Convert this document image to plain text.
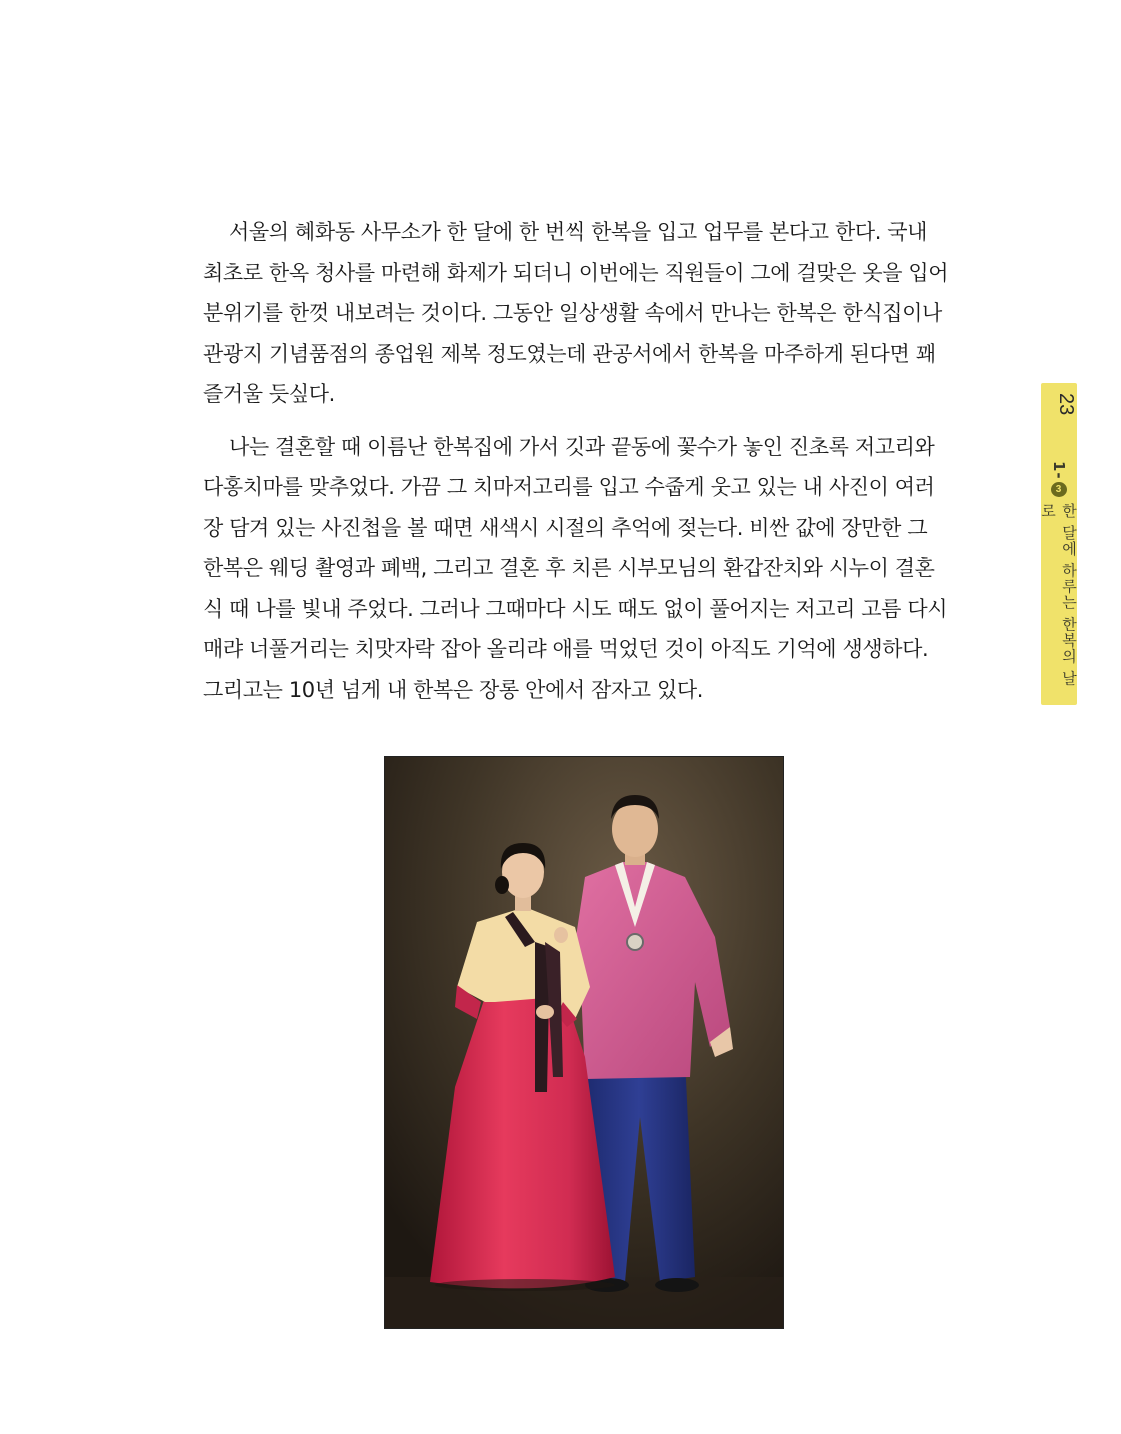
서울의 혜화동 사무소가 한 달에 한 번씩 한복을 입고 업무를 본다고 한다. 국내
최초로 한옥 청사를 마련해 화제가 되더니 이번에는 직원들이 그에 걸맞은 옷을 입어
분위기를 한껏 내보려는 것이다. 그동안 일상생활 속에서 만나는 한복은 한식집이나
관광지 기념품점의 종업원 제복 정도였는데 관공서에서 한복을 마주하게 된다면 꽤
즐거울 듯싶다.

나는 결혼할 때 이름난 한복집에 가서 깃과 끝동에 꽃수가 놓인 진초록 저고리와
다홍치마를 맞추었다. 가끔 그 치마저고리를 입고 수줍게 웃고 있는 내 사진이 여러
장 담겨 있는 사진첩을 볼 때면 새색시 시절의 추억에 젖는다. 비싼 값에 장만한 그
한복은 웨딩 촬영과 폐백, 그리고 결혼 후 치른 시부모님의 환갑잔치와 시누이 결혼
식 때 나를 빛내 주었다. 그러나 그때마다 시도 때도 없이 풀어지는 저고리 고름 다시
매랴 너풀거리는 치맛자락 잡아 올리랴 애를 먹었던 것이 아직도 기억에 생생하다.
그리고는 10년 넘게 내 한복은 장롱 안에서 잠자고 있다.

23
1-
3
한 달에 하루는 한복의 날로
